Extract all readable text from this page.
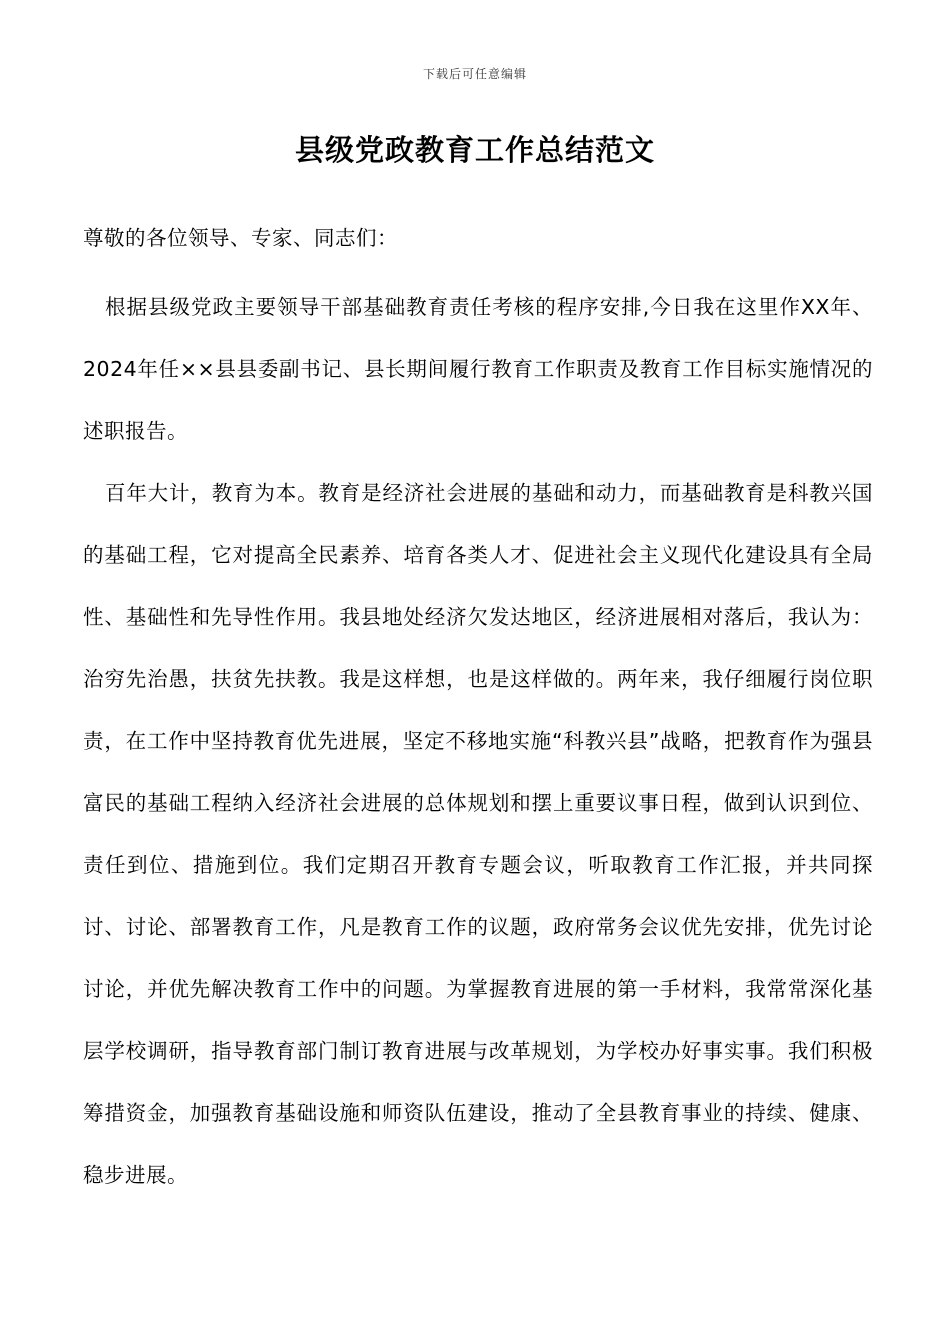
下载后可任意编辑
县级党政教育工作总结范文

尊敬的各位领导、专家、同志们：

根据县级党政主要领导干部基础教育责任考核的程序安排,今日我在这里作XX年、2024年任××县县委副书记、县长期间履行教育工作职责及教育工作目标实施情况的述职报告。

百年大计，教育为本。教育是经济社会进展的基础和动力，而基础教育是科教兴国的基础工程，它对提高全民素养、培育各类人才、促进社会主义现代化建设具有全局性、基础性和先导性作用。我县地处经济欠发达地区，经济进展相对落后，我认为：治穷先治愚，扶贫先扶教。我是这样想，也是这样做的。两年来，我仔细履行岗位职责，在工作中坚持教育优先进展，坚定不移地实施“科教兴县”战略，把教育作为强县富民的基础工程纳入经济社会进展的总体规划和摆上重要议事日程，做到认识到位、责任到位、措施到位。我们定期召开教育专题会议，听取教育工作汇报，并共同探讨、讨论、部署教育工作，凡是教育工作的议题，政府常务会议优先安排，优先讨论讨论，并优先解决教育工作中的问题。为掌握教育进展的第一手材料，我常常深化基层学校调研，指导教育部门制订教育进展与改革规划，为学校办好事实事。我们积极筹措资金，加强教育基础设施和师资队伍建设，推动了全县教育事业的持续、健康、稳步进展。
